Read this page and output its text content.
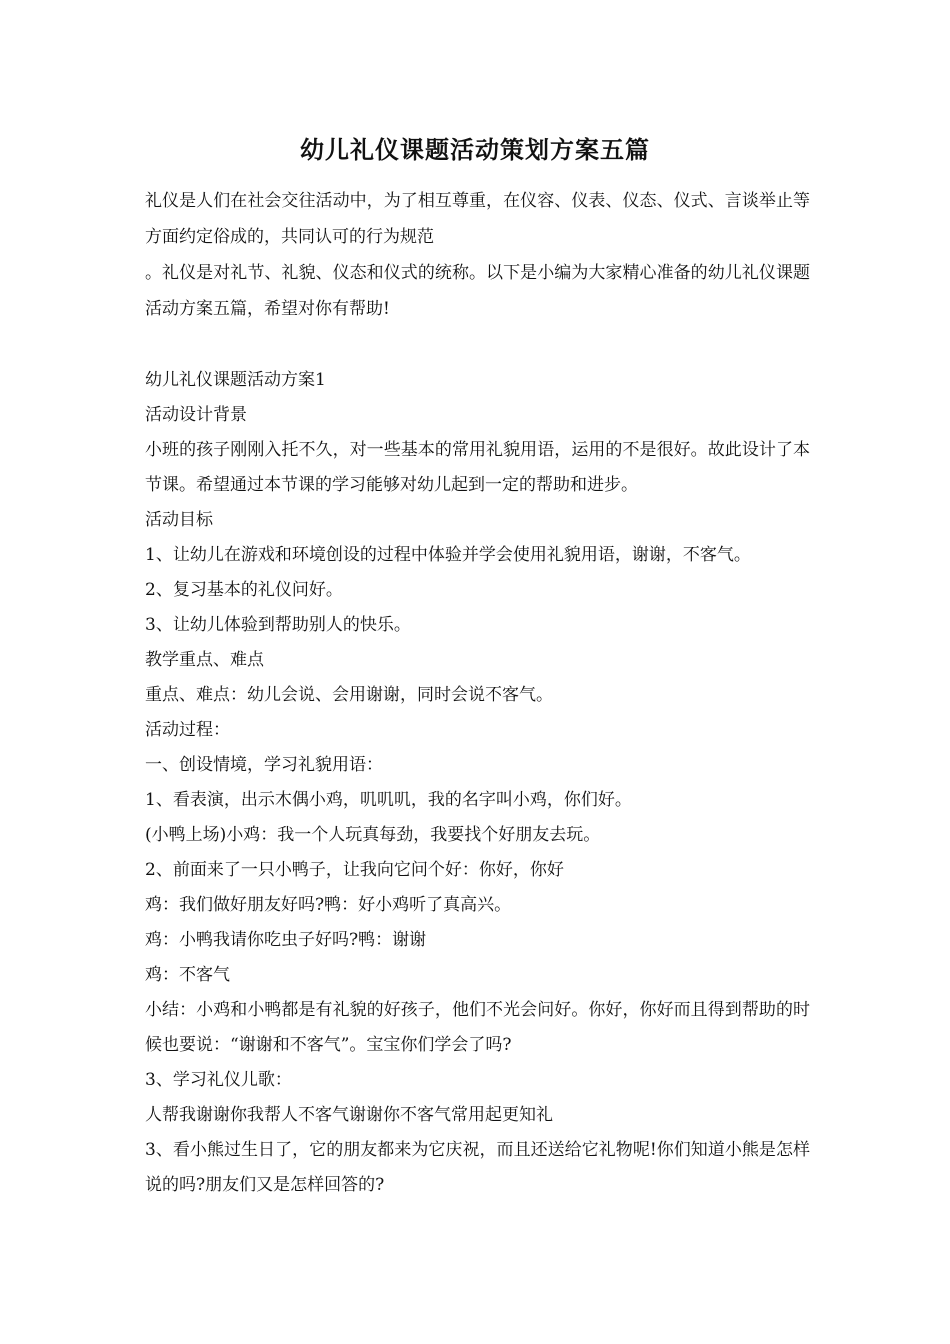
幼儿礼仪课题活动策划方案五篇

礼仪是人们在社会交往活动中，为了相互尊重，在仪容、仪表、仪态、仪式、言谈举止等方面约定俗成的，共同认可的行为规范

。礼仪是对礼节、礼貌、仪态和仪式的统称。以下是小编为大家精心准备的幼儿礼仪课题活动方案五篇，希望对你有帮助!

幼儿礼仪课题活动方案1

活动设计背景

小班的孩子刚刚入托不久，对一些基本的常用礼貌用语，运用的不是很好。故此设计了本节课。希望通过本节课的学习能够对幼儿起到一定的帮助和进步。

活动目标

1、让幼儿在游戏和环境创设的过程中体验并学会使用礼貌用语，谢谢，不客气。

2、复习基本的礼仪问好。

3、让幼儿体验到帮助别人的快乐。

教学重点、难点

重点、难点：幼儿会说、会用谢谢，同时会说不客气。

活动过程：

一、创设情境，学习礼貌用语：

1、看表演，出示木偶小鸡，叽叽叽，我的名字叫小鸡，你们好。

(小鸭上场)小鸡：我一个人玩真每劲，我要找个好朋友去玩。

2、前面来了一只小鸭子，让我向它问个好：你好，你好

鸡：我们做好朋友好吗?鸭：好小鸡听了真高兴。

鸡：小鸭我请你吃虫子好吗?鸭：谢谢

鸡：不客气

小结：小鸡和小鸭都是有礼貌的好孩子，他们不光会问好。你好，你好而且得到帮助的时候也要说：“谢谢和不客气”。宝宝你们学会了吗?

3、学习礼仪儿歌：

人帮我谢谢你我帮人不客气谢谢你不客气常用起更知礼

3、看小熊过生日了，它的朋友都来为它庆祝，而且还送给它礼物呢!你们知道小熊是怎样说的吗?朋友们又是怎样回答的?
